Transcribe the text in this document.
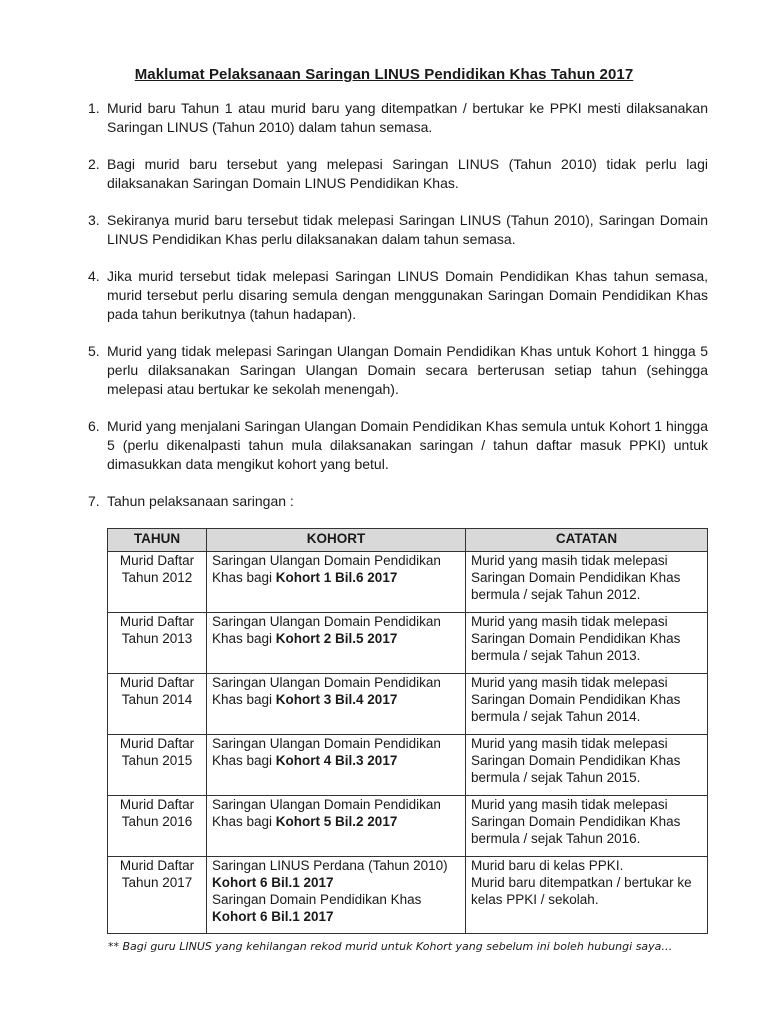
Maklumat Pelaksanaan Saringan LINUS Pendidikan Khas Tahun 2017
1. Murid baru Tahun 1 atau murid baru yang ditempatkan / bertukar ke PPKI mesti dilaksanakan Saringan LINUS (Tahun 2010) dalam tahun semasa.
2. Bagi murid baru tersebut yang melepasi Saringan LINUS (Tahun 2010) tidak perlu lagi dilaksanakan Saringan Domain LINUS Pendidikan Khas.
3. Sekiranya murid baru tersebut tidak melepasi Saringan LINUS (Tahun 2010), Saringan Domain LINUS Pendidikan Khas perlu dilaksanakan dalam tahun semasa.
4. Jika murid tersebut tidak melepasi Saringan LINUS Domain Pendidikan Khas tahun semasa, murid tersebut perlu disaring semula dengan menggunakan Saringan Domain Pendidikan Khas pada tahun berikutnya (tahun hadapan).
5. Murid yang tidak melepasi Saringan Ulangan Domain Pendidikan Khas untuk Kohort 1 hingga 5 perlu dilaksanakan Saringan Ulangan Domain secara berterusan setiap tahun (sehingga melepasi atau bertukar ke sekolah menengah).
6. Murid yang menjalani Saringan Ulangan Domain Pendidikan Khas semula untuk Kohort 1 hingga 5 (perlu dikenalpasti tahun mula dilaksanakan saringan / tahun daftar masuk PPKI) untuk dimasukkan data mengikut kohort yang betul.
7. Tahun pelaksanaan saringan :
TAHUN	KOHORT	CATATAN

Murid Daftar
Tahun 2012	Saringan Ulangan Domain Pendidikan Khas bagi Kohort 1 Bil.6 2017	Murid yang masih tidak melepasi Saringan Domain Pendidikan Khas bermula / sejak Tahun 2012.

Murid Daftar
Tahun 2013	Saringan Ulangan Domain Pendidikan Khas bagi Kohort 2 Bil.5 2017	Murid yang masih tidak melepasi Saringan Domain Pendidikan Khas bermula / sejak Tahun 2013.

Murid Daftar
Tahun 2014	Saringan Ulangan Domain Pendidikan Khas bagi Kohort 3 Bil.4 2017	Murid yang masih tidak melepasi Saringan Domain Pendidikan Khas bermula / sejak Tahun 2014.

Murid Daftar
Tahun 2015	Saringan Ulangan Domain Pendidikan Khas bagi Kohort 4 Bil.3 2017	Murid yang masih tidak melepasi Saringan Domain Pendidikan Khas bermula / sejak Tahun 2015.

Murid Daftar
Tahun 2016	Saringan Ulangan Domain Pendidikan Khas bagi Kohort 5 Bil.2 2017	Murid yang masih tidak melepasi Saringan Domain Pendidikan Khas bermula / sejak Tahun 2016.

Murid Daftar
Tahun 2017	Saringan LINUS Perdana (Tahun 2010)
Kohort 6 Bil.1 2017
Saringan Domain Pendidikan Khas
Kohort 6 Bil.1 2017	Murid baru di kelas PPKI.
Murid baru ditempatkan / bertukar ke kelas PPKI / sekolah.
** Bagi guru LINUS yang kehilangan rekod murid untuk Kohort yang sebelum ini boleh hubungi saya…
